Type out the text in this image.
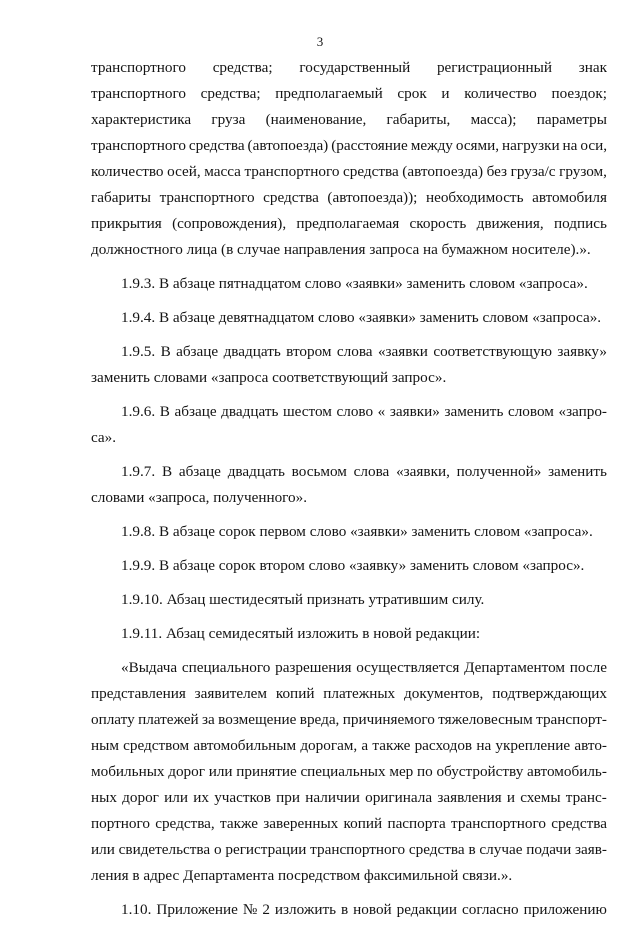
3
транспортного средства; государственный регистрационный знак
транспортного средства; предполагаемый срок и количество поездок;
характеристика груза (наименование, габариты, масса); параметры
транспортного средства (автопоезда) (расстояние между осями, нагрузки на оси,
количество осей, масса транспортного средства (автопоезда) без груза/с грузом,
габариты транспортного средства (автопоезда)); необходимость автомобиля
прикрытия (сопровождения), предполагаемая скорость движения, подпись
должностного лица (в случае направления запроса на бумажном носителе).».
1.9.3. В абзаце пятнадцатом слово «заявки» заменить словом «запроса».
1.9.4. В абзаце девятнадцатом слово «заявки» заменить словом «запроса».
1.9.5. В абзаце двадцать втором слова «заявки соответствующую заявку»
заменить словами «запроса соответствующий запрос».
1.9.6. В абзаце двадцать шестом слово « заявки» заменить словом «запро-
са».
1.9.7. В абзаце двадцать восьмом слова «заявки, полученной» заменить
словами «запроса, полученного».
1.9.8. В абзаце сорок первом слово «заявки» заменить словом «запроса».
1.9.9. В абзаце сорок втором слово «заявку» заменить словом «запрос».
1.9.10. Абзац шестидесятый признать утратившим силу.
1.9.11. Абзац семидесятый изложить в новой редакции:
«Выдача специального разрешения осуществляется Департаментом после
представления заявителем копий платежных документов, подтверждающих
оплату платежей за возмещение вреда, причиняемого тяжеловесным транспорт-
ным средством автомобильным дорогам, а также расходов на укрепление авто-
мобильных дорог или принятие специальных мер по обустройству автомобиль-
ных дорог или их участков при наличии оригинала заявления и схемы транс-
портного средства, также заверенных копий паспорта транспортного средства
или свидетельства о регистрации транспортного средства в случае подачи заяв-
ления в адрес Департамента посредством факсимильной связи.».
1.10. Приложение № 2 изложить в новой редакции согласно приложению
